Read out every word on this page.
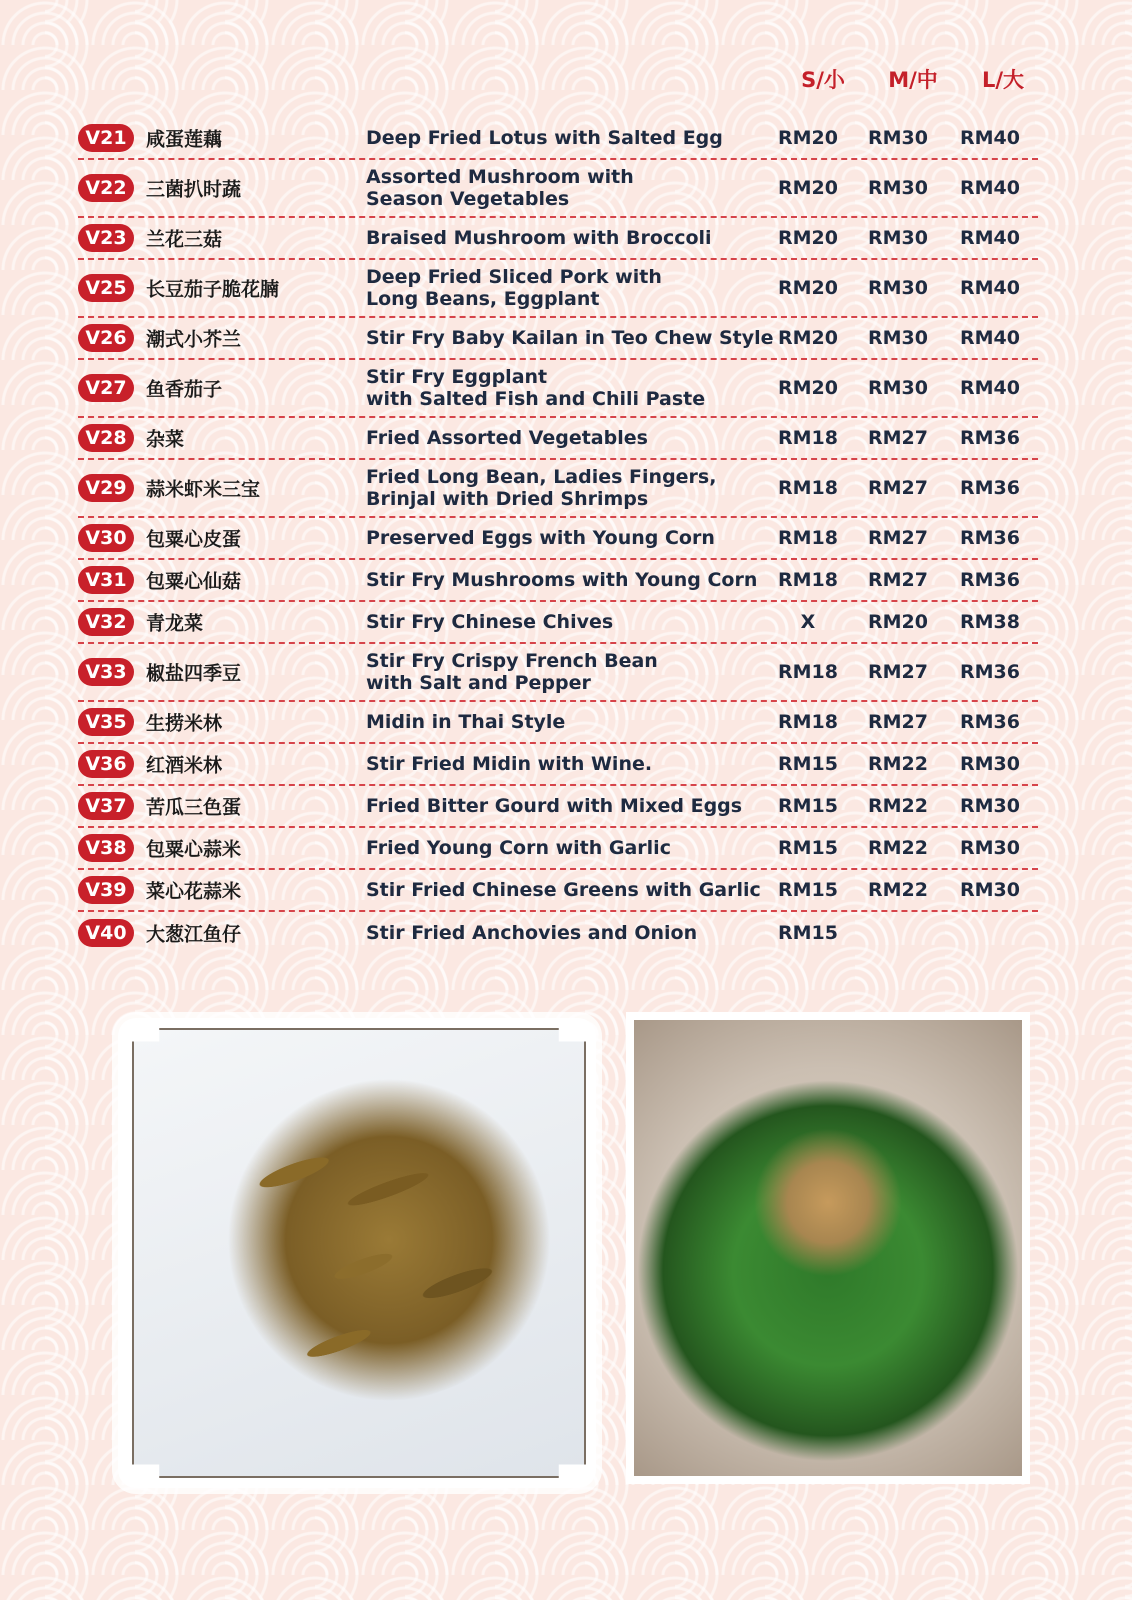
S/小	M/中	L/大
V21	咸蛋莲藕	Deep Fried Lotus with Salted Egg	RM20	RM30	RM40
V22	三菌扒时蔬
Assorted Mushroom with
Season Vegetables	RM20	RM30	RM40
V23	兰花三菇	Braised Mushroom with Broccoli	RM20	RM30	RM40
V25	长豆茄子脆花腩
Deep Fried Sliced Pork with
Long Beans, Eggplant	RM20	RM30	RM40
V26	潮式小芥兰	Stir Fry Baby Kailan in Teo Chew Style RM20	RM30	RM40
V27	鱼香茄子
Stir Fry Eggplant
with Salted Fish and Chili Paste	RM20	RM30	RM40
V28	杂菜	Fried Assorted Vegetables	RM18	RM27	RM36
V29	蒜米虾米三宝
Fried Long Bean, Ladies Fingers,
Brinjal with Dried Shrimps	RM18	RM27	RM36
V30	包粟心皮蛋	Preserved Eggs with Young Corn	RM18	RM27	RM36
V31	包粟心仙菇	Stir Fry Mushrooms with Young Corn	RM18	RM27	RM36
V32	青龙菜	Stir Fry Chinese Chives	X	RM20	RM38
V33	椒盐四季豆
Stir Fry Crispy French Bean
with Salt and Pepper	RM18	RM27	RM36
V35	生捞米林	Midin in Thai Style	RM18	RM27	RM36
V36	红酒米林	Stir Fried Midin with Wine.	RM15	RM22	RM30
V37	苦瓜三色蛋	Fried Bitter Gourd with Mixed Eggs	RM15	RM22	RM30
V38	包粟心蒜米	Fried Young Corn with Garlic	RM15	RM22	RM30
V39	菜心花蒜米	Stir Fried Chinese Greens with Garlic RM15	RM22	RM30
V40	大葱江鱼仔	Stir Fried Anchovies and Onion	RM15
